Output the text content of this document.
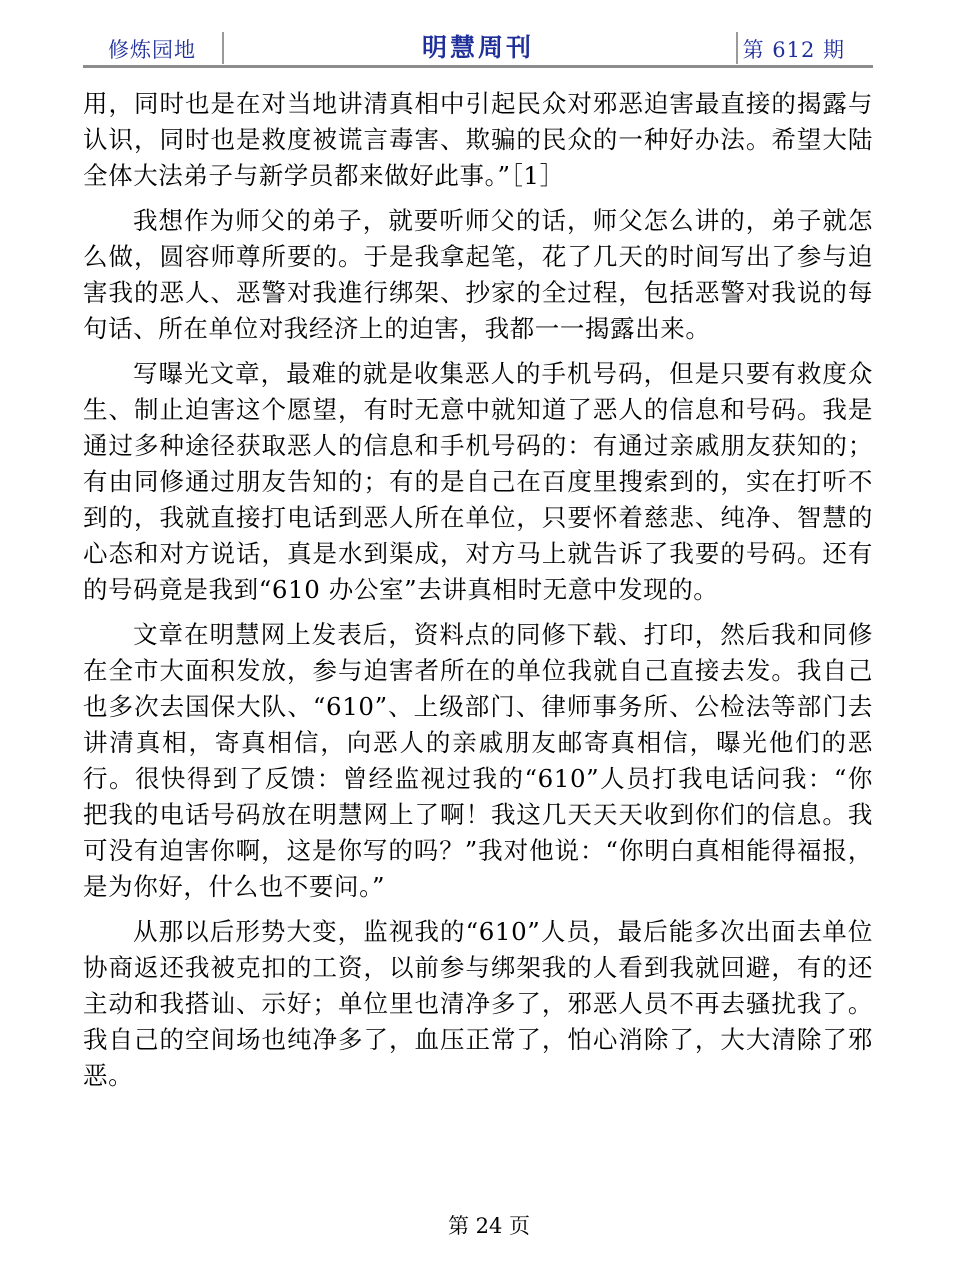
修炼园地	明慧周刊	第 612 期

用，同时也是在对当地讲清真相中引起民众对邪恶迫害最直接的揭露与认识，同时也是救度被谎言毒害、欺骗的民众的一种好办法。希望大陆全体大法弟子与新学员都来做好此事。”［1］

我想作为师父的弟子，就要听师父的话，师父怎么讲的，弟子就怎么做，圆容师尊所要的。于是我拿起笔，花了几天的时间写出了参与迫害我的恶人、恶警对我進行绑架、抄家的全过程，包括恶警对我说的每句话、所在单位对我经济上的迫害，我都一一揭露出来。

写曝光文章，最难的就是收集恶人的手机号码，但是只要有救度众生、制止迫害这个愿望，有时无意中就知道了恶人的信息和号码。我是通过多种途径获取恶人的信息和手机号码的：有通过亲戚朋友获知的；有由同修通过朋友告知的；有的是自己在百度里搜索到的，实在打听不到的，我就直接打电话到恶人所在单位，只要怀着慈悲、纯净、智慧的心态和对方说话，真是水到渠成，对方马上就告诉了我要的号码。还有的号码竟是我到“610 办公室”去讲真相时无意中发现的。

文章在明慧网上发表后，资料点的同修下载、打印，然后我和同修在全市大面积发放，参与迫害者所在的单位我就自己直接去发。我自己也多次去国保大队、“610”、上级部门、律师事务所、公检法等部门去讲清真相，寄真相信，向恶人的亲戚朋友邮寄真相信，曝光他们的恶行。很快得到了反馈：曾经监视过我的“610”人员打我电话问我：“你把我的电话号码放在明慧网上了啊！我这几天天天收到你们的信息。我可没有迫害你啊，这是你写的吗？”我对他说：“你明白真相能得福报，是为你好，什么也不要问。”

从那以后形势大变，监视我的“610”人员，最后能多次出面去单位协商返还我被克扣的工资，以前参与绑架我的人看到我就回避，有的还主动和我搭讪、示好；单位里也清净多了，邪恶人员不再去骚扰我了。我自己的空间场也纯净多了，血压正常了，怕心消除了，大大清除了邪恶。

第 24 页
